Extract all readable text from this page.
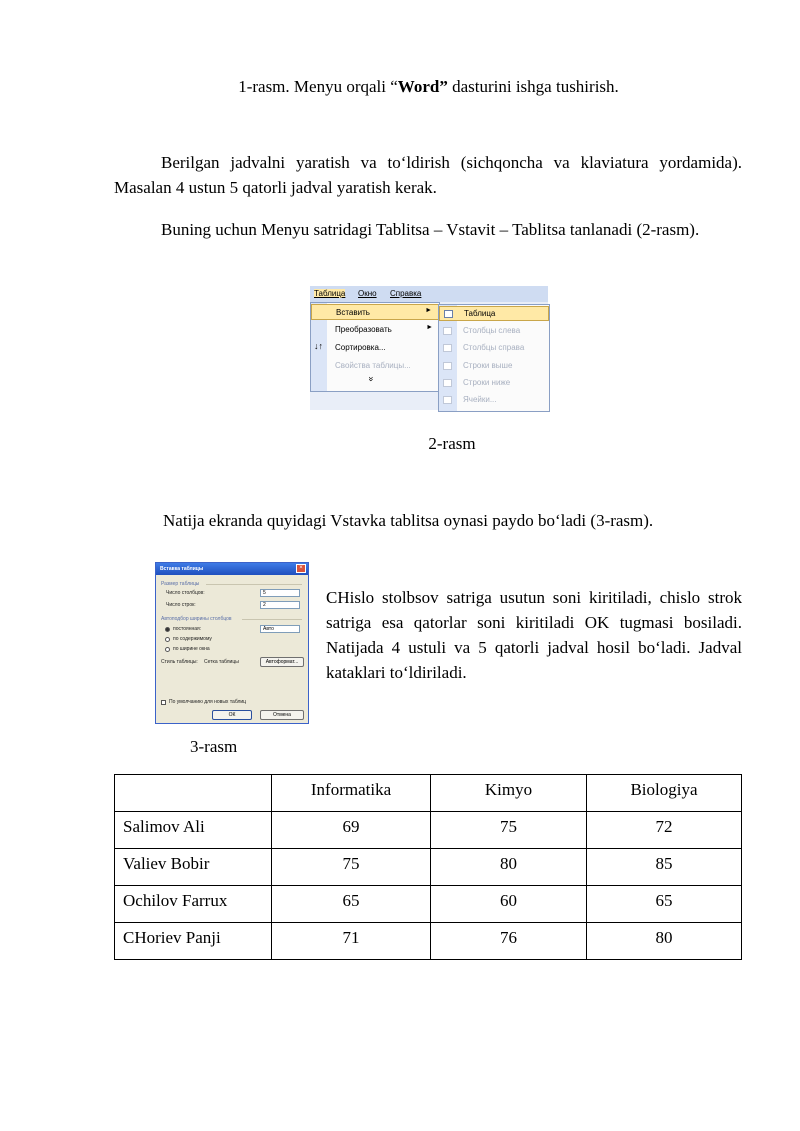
1-rasm. Menyu orqali “Word” dasturini ishga tushirish.
Berilgan jadvalni yaratish va to‘ldirish (sichqoncha va klaviatura yordamida). Masalan 4 ustun 5 qatorli jadval yaratish kerak.
Buning uchun Menyu satridagi Tablitsa – Vstavit – Tablitsa tanlanadi (2-rasm).
Таблица Окно Справка
Вставить	►
Преобразовать	►
↓↑ Сортировка...
Свойства таблицы...
»
Таблица
Столбцы слева
Столбцы справа
Строки выше
Строки ниже
Ячейки...
2-rasm
Natija ekranda quyidagi Vstavka tablitsa oynasi paydo bo‘ladi (3-rasm).
Вставка таблицы	×
Размер таблицы
Число столбцов:	5
Число строк:	2
Автоподбор ширины столбцов
постоянная:	Авто
по содержимому
по ширине окна
Стиль таблицы: Сетка таблицы	Автоформат...
По умолчанию для новых таблиц
ОК	Отмена
CHislo stolbsov satriga usutun soni kiritiladi, chislo strok satriga esa qatorlar soni kiritiladi OK tugmasi bosiladi. Natijada 4 ustuli va 5 qatorli jadval hosil bo‘ladi. Jadval kataklari to‘ldiriladi.
3-rasm
	Informatika	Kimyo	Biologiya
Salimov Ali	69	75	72
Valiev Bobir	75	80	85
Ochilov Farrux	65	60	65
CHoriev Panji	71	76	80
